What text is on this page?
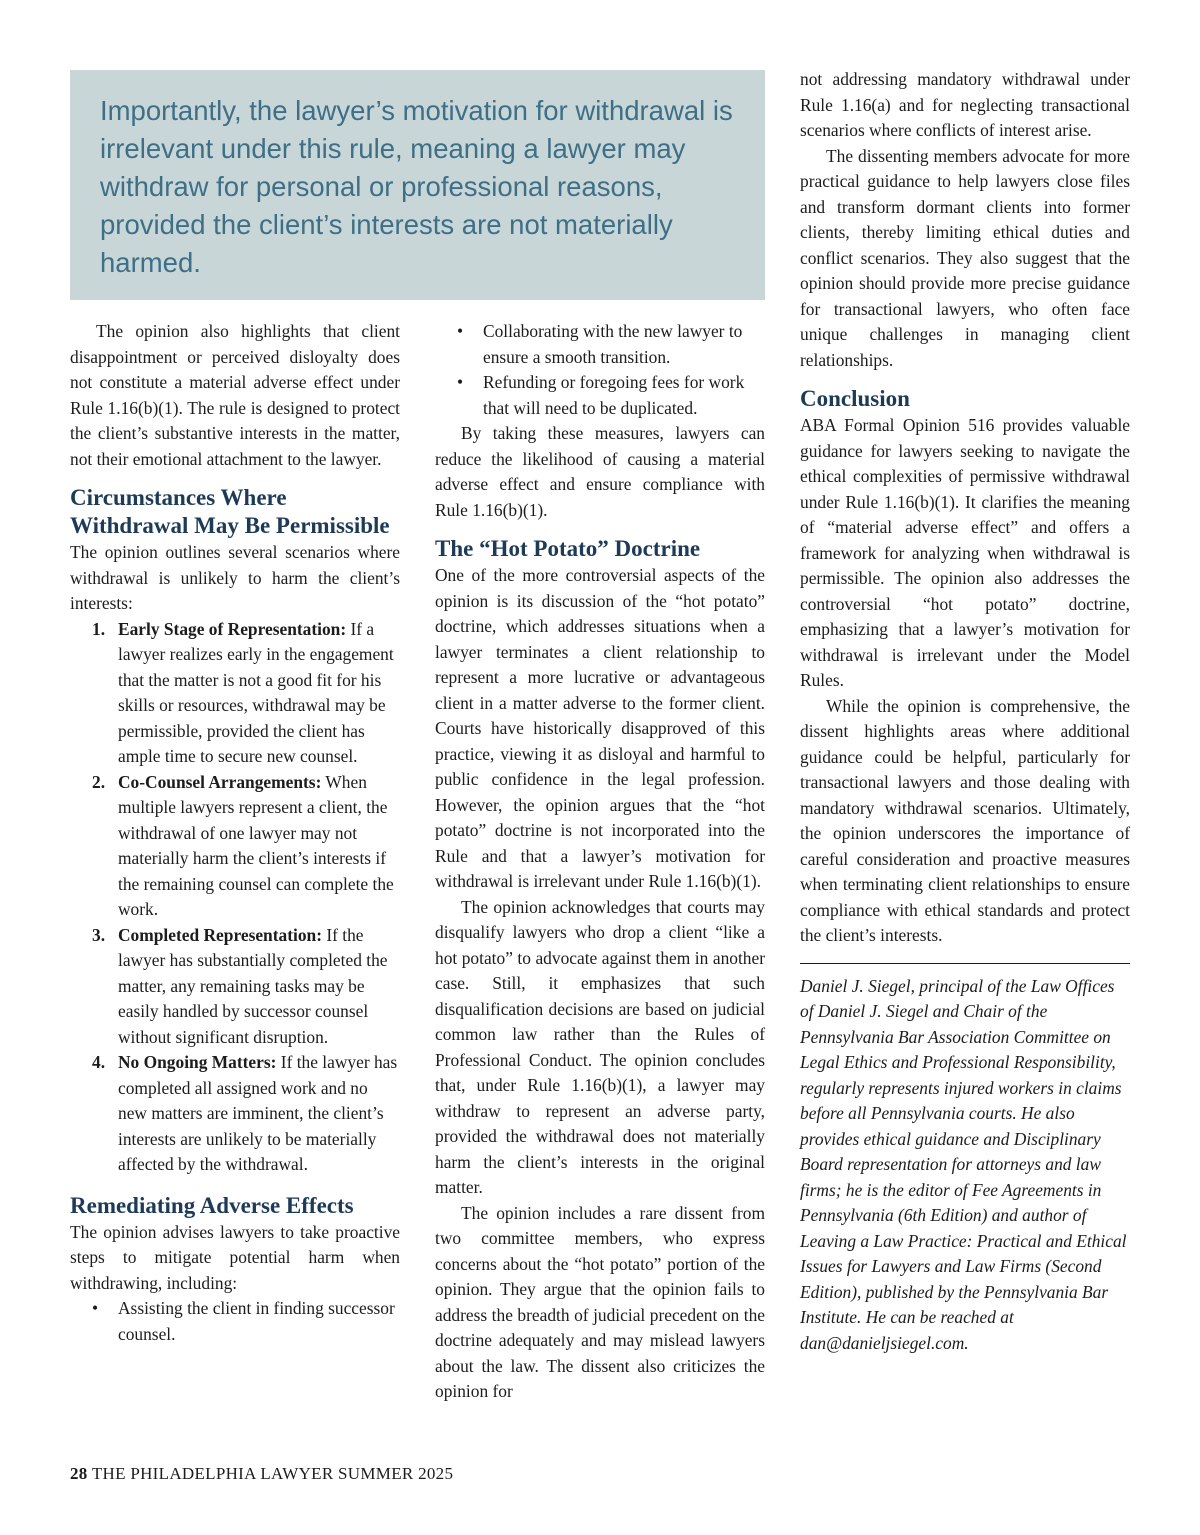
Importantly, the lawyer’s motivation for withdrawal is irrelevant under this rule, meaning a lawyer may withdraw for personal or professional reasons, provided the client’s interests are not materially harmed.

The opinion also highlights that client disappointment or perceived disloyalty does not constitute a material adverse effect under Rule 1.16(b)(1). The rule is designed to protect the client’s substantive interests in the matter, not their emotional attachment to the lawyer.

Circumstances Where Withdrawal May Be Permissible

The opinion outlines several scenarios where withdrawal is unlikely to harm the client’s interests:

1. Early Stage of Representation: If a lawyer realizes early in the engagement that the matter is not a good fit for his skills or resources, withdrawal may be permissible, provided the client has ample time to secure new counsel.
2. Co-Counsel Arrangements: When multiple lawyers represent a client, the withdrawal of one lawyer may not materially harm the client’s interests if the remaining counsel can complete the work.
3. Completed Representation: If the lawyer has substantially completed the matter, any remaining tasks may be easily handled by successor counsel without significant disruption.
4. No Ongoing Matters: If the lawyer has completed all assigned work and no new matters are imminent, the client’s interests are unlikely to be materially affected by the withdrawal.
Remediating Adverse Effects

The opinion advises lawyers to take proactive steps to mitigate potential harm when withdrawing, including:

• Assisting the client in finding successor counsel.
• Collaborating with the new lawyer to ensure a smooth transition.
• Refunding or foregoing fees for work that will need to be duplicated.

By taking these measures, lawyers can reduce the likelihood of causing a material adverse effect and ensure compliance with Rule 1.16(b)(1).

The “Hot Potato” Doctrine

One of the more controversial aspects of the opinion is its discussion of the “hot potato” doctrine, which addresses situations when a lawyer terminates a client relationship to represent a more lucrative or advantageous client in a matter adverse to the former client. Courts have historically disapproved of this practice, viewing it as disloyal and harmful to public confidence in the legal profession. However, the opinion argues that the “hot potato” doctrine is not incorporated into the Rule and that a lawyer’s motivation for withdrawal is irrelevant under Rule 1.16(b)(1).

The opinion acknowledges that courts may disqualify lawyers who drop a client “like a hot potato” to advocate against them in another case. Still, it emphasizes that such disqualification decisions are based on judicial common law rather than the Rules of Professional Conduct. The opinion concludes that, under Rule 1.16(b)(1), a lawyer may withdraw to represent an adverse party, provided the withdrawal does not materially harm the client’s interests in the original matter.

The opinion includes a rare dissent from two committee members, who express concerns about the “hot potato” portion of the opinion. They argue that the opinion fails to address the breadth of judicial precedent on the doctrine adequately and may mislead lawyers about the law. The dissent also criticizes the opinion for

not addressing mandatory withdrawal under Rule 1.16(a) and for neglecting transactional scenarios where conflicts of interest arise.

The dissenting members advocate for more practical guidance to help lawyers close files and transform dormant clients into former clients, thereby limiting ethical duties and conflict scenarios. They also suggest that the opinion should provide more precise guidance for transactional lawyers, who often face unique challenges in managing client relationships.

Conclusion

ABA Formal Opinion 516 provides valuable guidance for lawyers seeking to navigate the ethical complexities of permissive withdrawal under Rule 1.16(b)(1). It clarifies the meaning of “material adverse effect” and offers a framework for analyzing when withdrawal is permissible. The opinion also addresses the controversial “hot potato” doctrine, emphasizing that a lawyer’s motivation for withdrawal is irrelevant under the Model Rules.

While the opinion is comprehensive, the dissent highlights areas where additional guidance could be helpful, particularly for transactional lawyers and those dealing with mandatory withdrawal scenarios. Ultimately, the opinion underscores the importance of careful consideration and proactive measures when terminating client relationships to ensure compliance with ethical standards and protect the client’s interests.

Daniel J. Siegel, principal of the Law Offices of Daniel J. Siegel and Chair of the Pennsylvania Bar Association Committee on Legal Ethics and Professional Responsibility, regularly represents injured workers in claims before all Pennsylvania courts. He also provides ethical guidance and Disciplinary Board representation for attorneys and law firms; he is the editor of Fee Agreements in Pennsylvania (6th Edition) and author of Leaving a Law Practice: Practical and Ethical Issues for Lawyers and Law Firms (Second Edition), published by the Pennsylvania Bar Institute. He can be reached at dan@danieljsiegel.com.

28 THE PHILADELPHIA LAWYER SUMMER 2025
